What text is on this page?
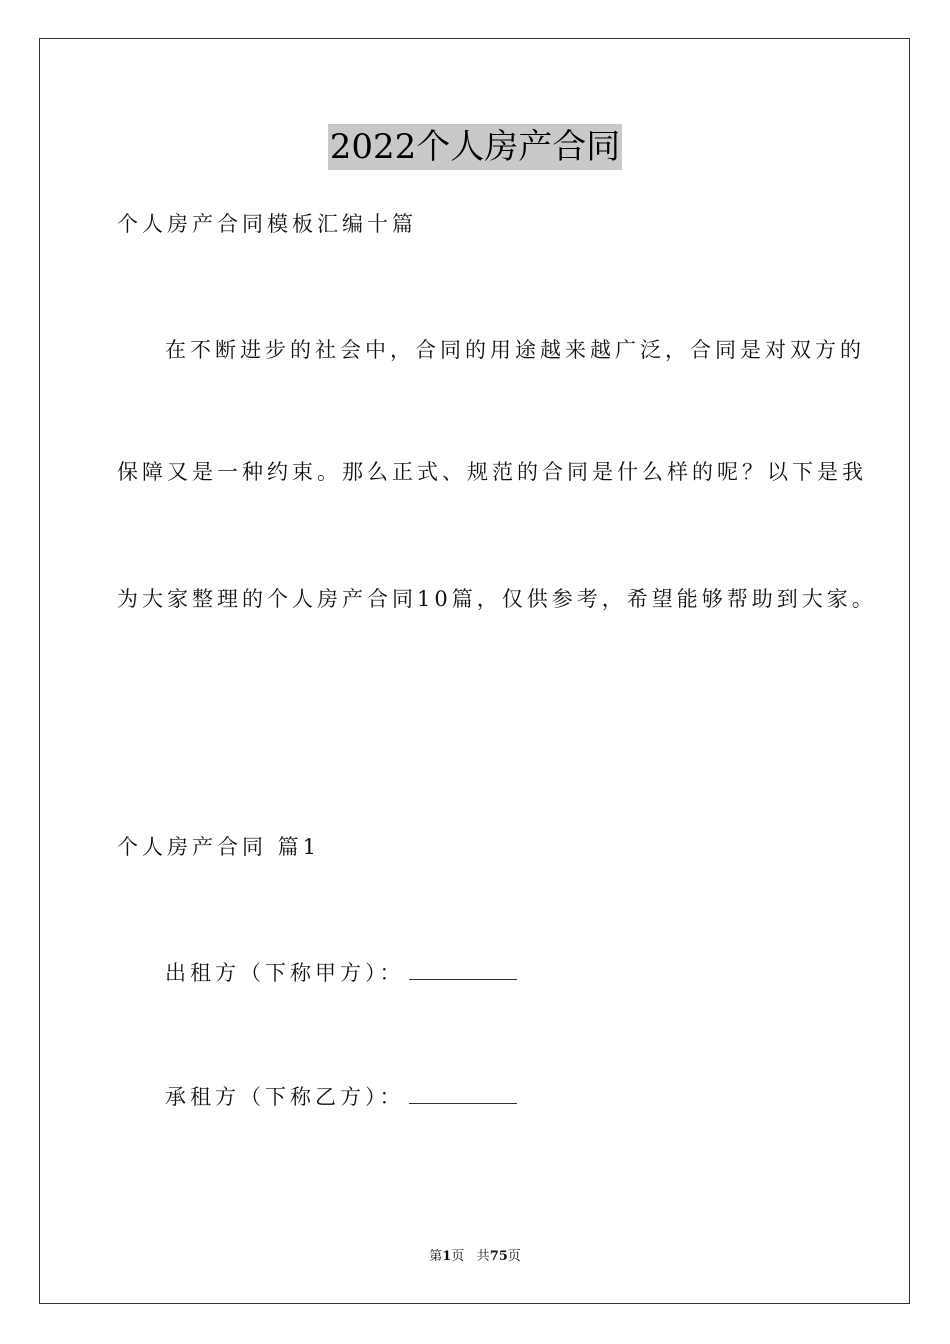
2022个人房产合同
个人房产合同模板汇编十篇
在不断进步的社会中，合同的用途越来越广泛，合同是对双方的
保障又是一种约束。那么正式、规范的合同是什么样的呢？以下是我
为大家整理的个人房产合同10篇，仅供参考，希望能够帮助到大家。
个人房产合同 篇1
出租方（下称甲方）：
承租方（下称乙方）：
第1页 共75页
